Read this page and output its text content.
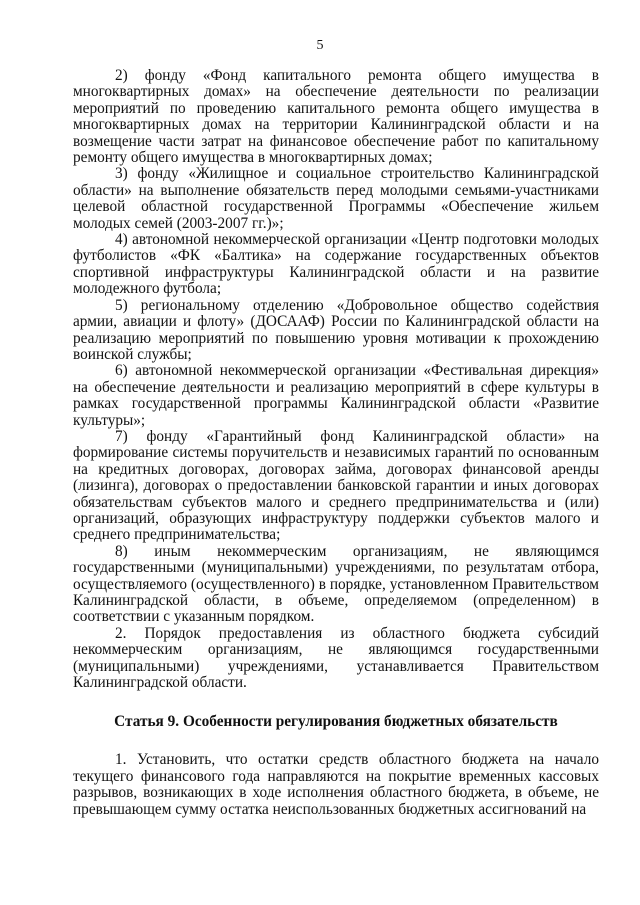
5

2) фонду «Фонд капитального ремонта общего имущества в многоквартирных домах» на обеспечение деятельности по реализации мероприятий по проведению капитального ремонта общего имущества в многоквартирных домах на территории Калининградской области и на возмещение части затрат на финансовое обеспечение работ по капитальному ремонту общего имущества в многоквартирных домах;

3) фонду «Жилищное и социальное строительство Калининградской области» на выполнение обязательств перед молодыми семьями-участниками целевой областной государственной Программы «Обеспечение жильем молодых семей (2003-2007 гг.)»;

4) автономной некоммерческой организации «Центр подготовки молодых футболистов «ФК «Балтика» на содержание государственных объектов спортивной инфраструктуры Калининградской области и на развитие молодежного футбола;

5) региональному отделению «Добровольное общество содействия армии, авиации и флоту» (ДОСААФ) России по Калининградской области на реализацию мероприятий по повышению уровня мотивации к прохождению воинской службы;

6) автономной некоммерческой организации «Фестивальная дирекция» на обеспечение деятельности и реализацию мероприятий в сфере культуры в рамках государственной программы Калининградской области «Развитие культуры»;

7) фонду «Гарантийный фонд Калининградской области» на формирование системы поручительств и независимых гарантий по основанным на кредитных договорах, договорах займа, договорах финансовой аренды (лизинга), договорах о предоставлении банковской гарантии и иных договорах обязательствам субъектов малого и среднего предпринимательства и (или) организаций, образующих инфраструктуру поддержки субъектов малого и среднего предпринимательства;

8) иным некоммерческим организациям, не являющимся государственными (муниципальными) учреждениями, по результатам отбора, осуществляемого (осуществленного) в порядке, установленном Правительством Калининградской области, в объеме, определяемом (определенном) в соответствии с указанным порядком.

2. Порядок предоставления из областного бюджета субсидий некоммерческим организациям, не являющимся государственными (муниципальными) учреждениями, устанавливается Правительством Калининградской области.

Статья 9. Особенности регулирования бюджетных обязательств

1. Установить, что остатки средств областного бюджета на начало текущего финансового года направляются на покрытие временных кассовых разрывов, возникающих в ходе исполнения областного бюджета, в объеме, не превышающем сумму остатка неиспользованных бюджетных ассигнований на
